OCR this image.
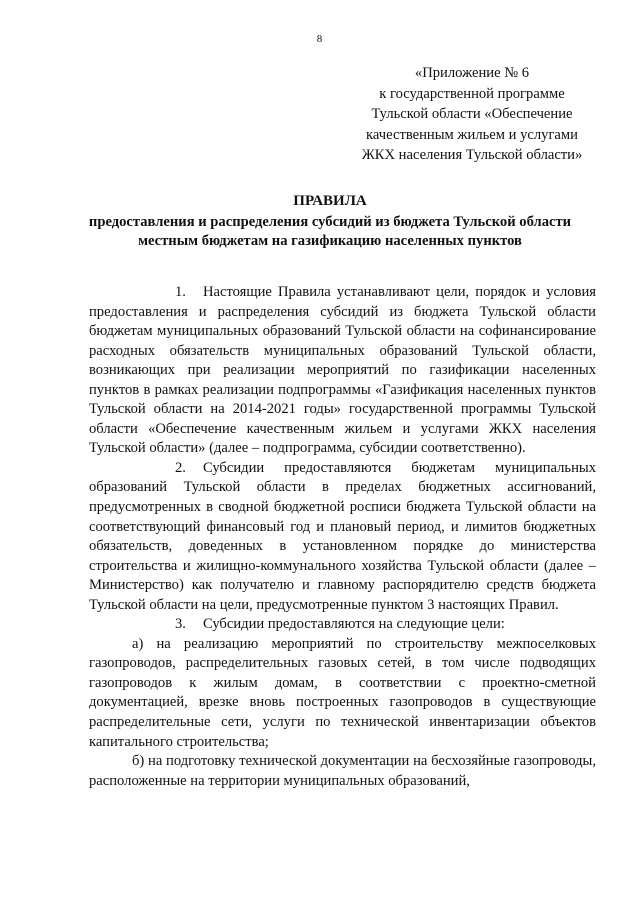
8
«Приложение № 6
к государственной программе
Тульской области «Обеспечение
качественным жильем и услугами
ЖКХ населения Тульской области»
ПРАВИЛА
предоставления и распределения субсидий из бюджета Тульской области
местным бюджетам на газификацию населенных пунктов

1. Настоящие Правила устанавливают цели, порядок и условия предоставления и распределения субсидий из бюджета Тульской области бюджетам муниципальных образований Тульской области на софинансирование расходных обязательств муниципальных образований Тульской области, возникающих при реализации мероприятий по газификации населенных пунктов в рамках реализации подпрограммы «Газификация населенных пунктов Тульской области на 2014-2021 годы» государственной программы Тульской области «Обеспечение качественным жильем и услугами ЖКХ населения Тульской области» (далее – подпрограмма, субсидии соответственно).

2. Субсидии предоставляются бюджетам муниципальных образований Тульской области в пределах бюджетных ассигнований, предусмотренных в сводной бюджетной росписи бюджета Тульской области на соответствующий финансовый год и плановый период, и лимитов бюджетных обязательств, доведенных в установленном порядке до министерства строительства и жилищно-коммунального хозяйства Тульской области (далее – Министерство) как получателю и главному распорядителю средств бюджета Тульской области на цели, предусмотренные пунктом 3 настоящих Правил.

3. Субсидии предоставляются на следующие цели:

а) на реализацию мероприятий по строительству межпоселковых газопроводов, распределительных газовых сетей, в том числе подводящих газопроводов к жилым домам, в соответствии с проектно-сметной документацией, врезке вновь построенных газопроводов в существующие распределительные сети, услуги по технической инвентаризации объектов капитального строительства;

б) на подготовку технической документации на бесхозяйные газопроводы, расположенные на территории муниципальных образований,
